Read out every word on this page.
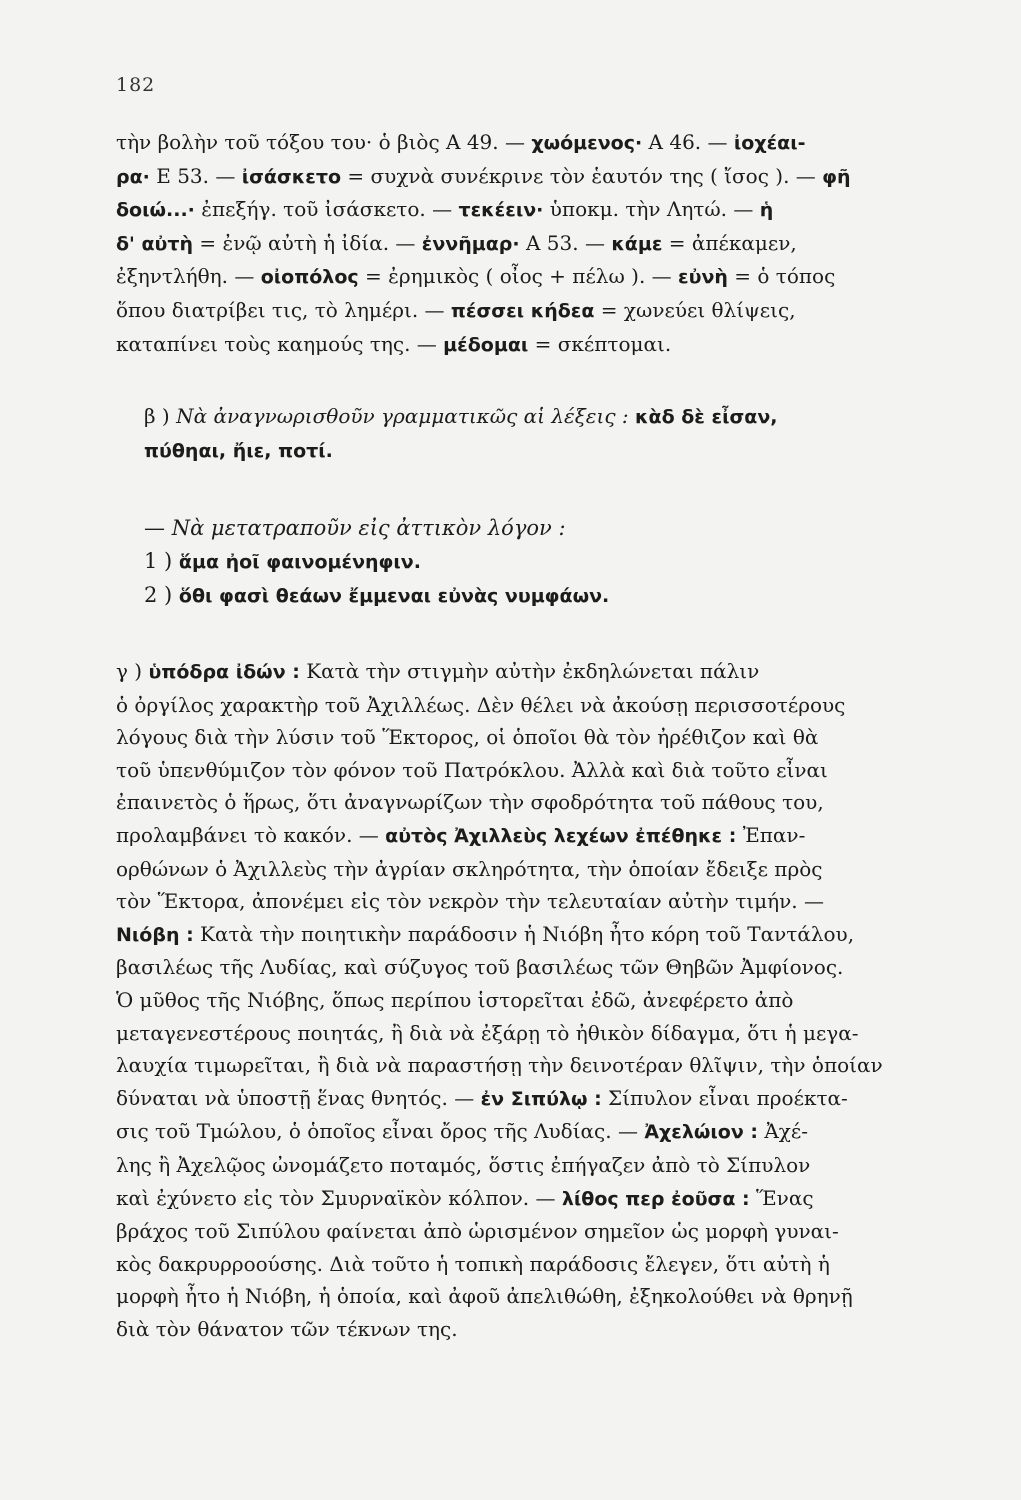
182
τὴν βολὴν τοῦ τόξου του· ὁ βιὸς Α 49. — χωόμενος· Α 46. — ἰοχέαι-
ρα· Ε 53. — ἰσάσκετο = συχνὰ συνέκρινε τὸν ἑαυτόν της ( ἴσος ). — φῆ
δοιώ...· ἐπεξήγ. τοῦ ἰσάσκετο. — τεκέειν· ὑποκμ. τὴν Λητώ. — ἡ
δ' αὐτὴ = ἐνῷ αὐτὴ ἡ ἰδία. — ἐννῆμαρ· Α 53. — κάμε = ἀπέκαμεν,
ἐξηντλήθη. — οἰοπόλος = ἐρημικὸς ( οἶος + πέλω ). — εὐνὴ = ὁ τόπος
ὅπου διατρίβει τις, τὸ λημέρι. — πέσσει κήδεα = χωνεύει θλίψεις,
καταπίνει τοὺς καημούς της. — μέδομαι = σκέπτομαι.
β ) Νὰ ἀναγνωρισθοῦν γραμματικῶς αἱ λέξεις : κὰδ δὲ εἶσαν,
πύθηαι, ἤιε, ποτί.
— Νὰ μετατραποῦν εἰς ἀττικὸν λόγον :
1 ) ἅμα ἠοῖ φαινομένηφιν.
2 ) ὅθι φασὶ θεάων ἔμμεναι εὐνὰς νυμφάων.
γ ) ὑπόδρα ἰδών : Κατὰ τὴν στιγμὴν αὐτὴν ἐκδηλώνεται πάλιν
ὁ ὀργίλος χαρακτὴρ τοῦ Ἀχιλλέως. Δὲν θέλει νὰ ἀκούσῃ περισσοτέρους
λόγους διὰ τὴν λύσιν τοῦ Ἕκτορος, οἱ ὁποῖοι θὰ τὸν ἠρέθιζον καὶ θὰ
τοῦ ὑπενθύμιζον τὸν φόνον τοῦ Πατρόκλου. Ἀλλὰ καὶ διὰ τοῦτο εἶναι
ἐπαινετὸς ὁ ἥρως, ὅτι ἀναγνωρίζων τὴν σφοδρότητα τοῦ πάθους του,
προλαμβάνει τὸ κακόν. — αὐτὸς Ἀχιλλεὺς λεχέων ἐπέθηκε : Ἐπαν-
ορθώνων ὁ Ἀχιλλεὺς τὴν ἀγρίαν σκληρότητα, τὴν ὁποίαν ἔδειξε πρὸς
τὸν Ἕκτορα, ἀπονέμει εἰς τὸν νεκρὸν τὴν τελευταίαν αὐτὴν τιμήν. —
Νιόβη : Κατὰ τὴν ποιητικὴν παράδοσιν ἡ Νιόβη ἦτο κόρη τοῦ Ταντάλου,
βασιλέως τῆς Λυδίας, καὶ σύζυγος τοῦ βασιλέως τῶν Θηβῶν Ἀμφίονος.
Ὁ μῦθος τῆς Νιόβης, ὅπως περίπου ἱστορεῖται ἐδῶ, ἀνεφέρετο ἀπὸ
μεταγενεστέρους ποιητάς, ἢ διὰ νὰ ἐξάρῃ τὸ ἠθικὸν δίδαγμα, ὅτι ἡ μεγα-
λαυχία τιμωρεῖται, ἢ διὰ νὰ παραστήσῃ τὴν δεινοτέραν θλῖψιν, τὴν ὁποίαν
δύναται νὰ ὑποστῇ ἕνας θνητός. — ἐν Σιπύλῳ : Σίπυλον εἶναι προέκτα-
σις τοῦ Τμώλου, ὁ ὁποῖος εἶναι ὄρος τῆς Λυδίας. — Ἀχελώιον : Ἀχέ-
λης ἢ Ἀχελῷος ὠνομάζετο ποταμός, ὅστις ἐπήγαζεν ἀπὸ τὸ Σίπυλον
καὶ ἐχύνετο εἰς τὸν Σμυρναϊκὸν κόλπον. — λίθος περ ἐοῦσα : Ἕνας
βράχος τοῦ Σιπύλου φαίνεται ἀπὸ ὡρισμένον σημεῖον ὡς μορφὴ γυναι-
κὸς δακρυρροούσης. Διὰ τοῦτο ἡ τοπικὴ παράδοσις ἔλεγεν, ὅτι αὐτὴ ἡ
μορφὴ ἦτο ἡ Νιόβη, ἡ ὁποία, καὶ ἀφοῦ ἀπελιθώθη, ἐξηκολούθει νὰ θρηνῇ
διὰ τὸν θάνατον τῶν τέκνων της.
